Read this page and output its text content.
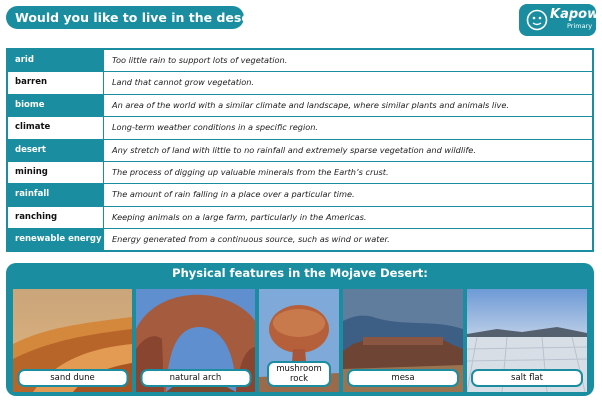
Would you like to live in the desert?	Kapow
Primary
arid	Too little rain to support lots of vegetation.
barren	Land that cannot grow vegetation.
biome	An area of the world with a similar climate and landscape, where similar plants and animals live.
climate	Long-term weather conditions in a specific region.
desert	Any stretch of land with little to no rainfall and extremely sparse vegetation and wildlife.
mining	The process of digging up valuable minerals from the Earth’s crust.
rainfall	The amount of rain falling in a place over a particular time.
ranching	Keeping animals on a large farm, particularly in the Americas.
renewable energy	Energy generated from a continuous source, such as wind or water.
Physical features in the Mojave Desert:
sand dune	natural arch
mushroom rock	mesa	salt flat
